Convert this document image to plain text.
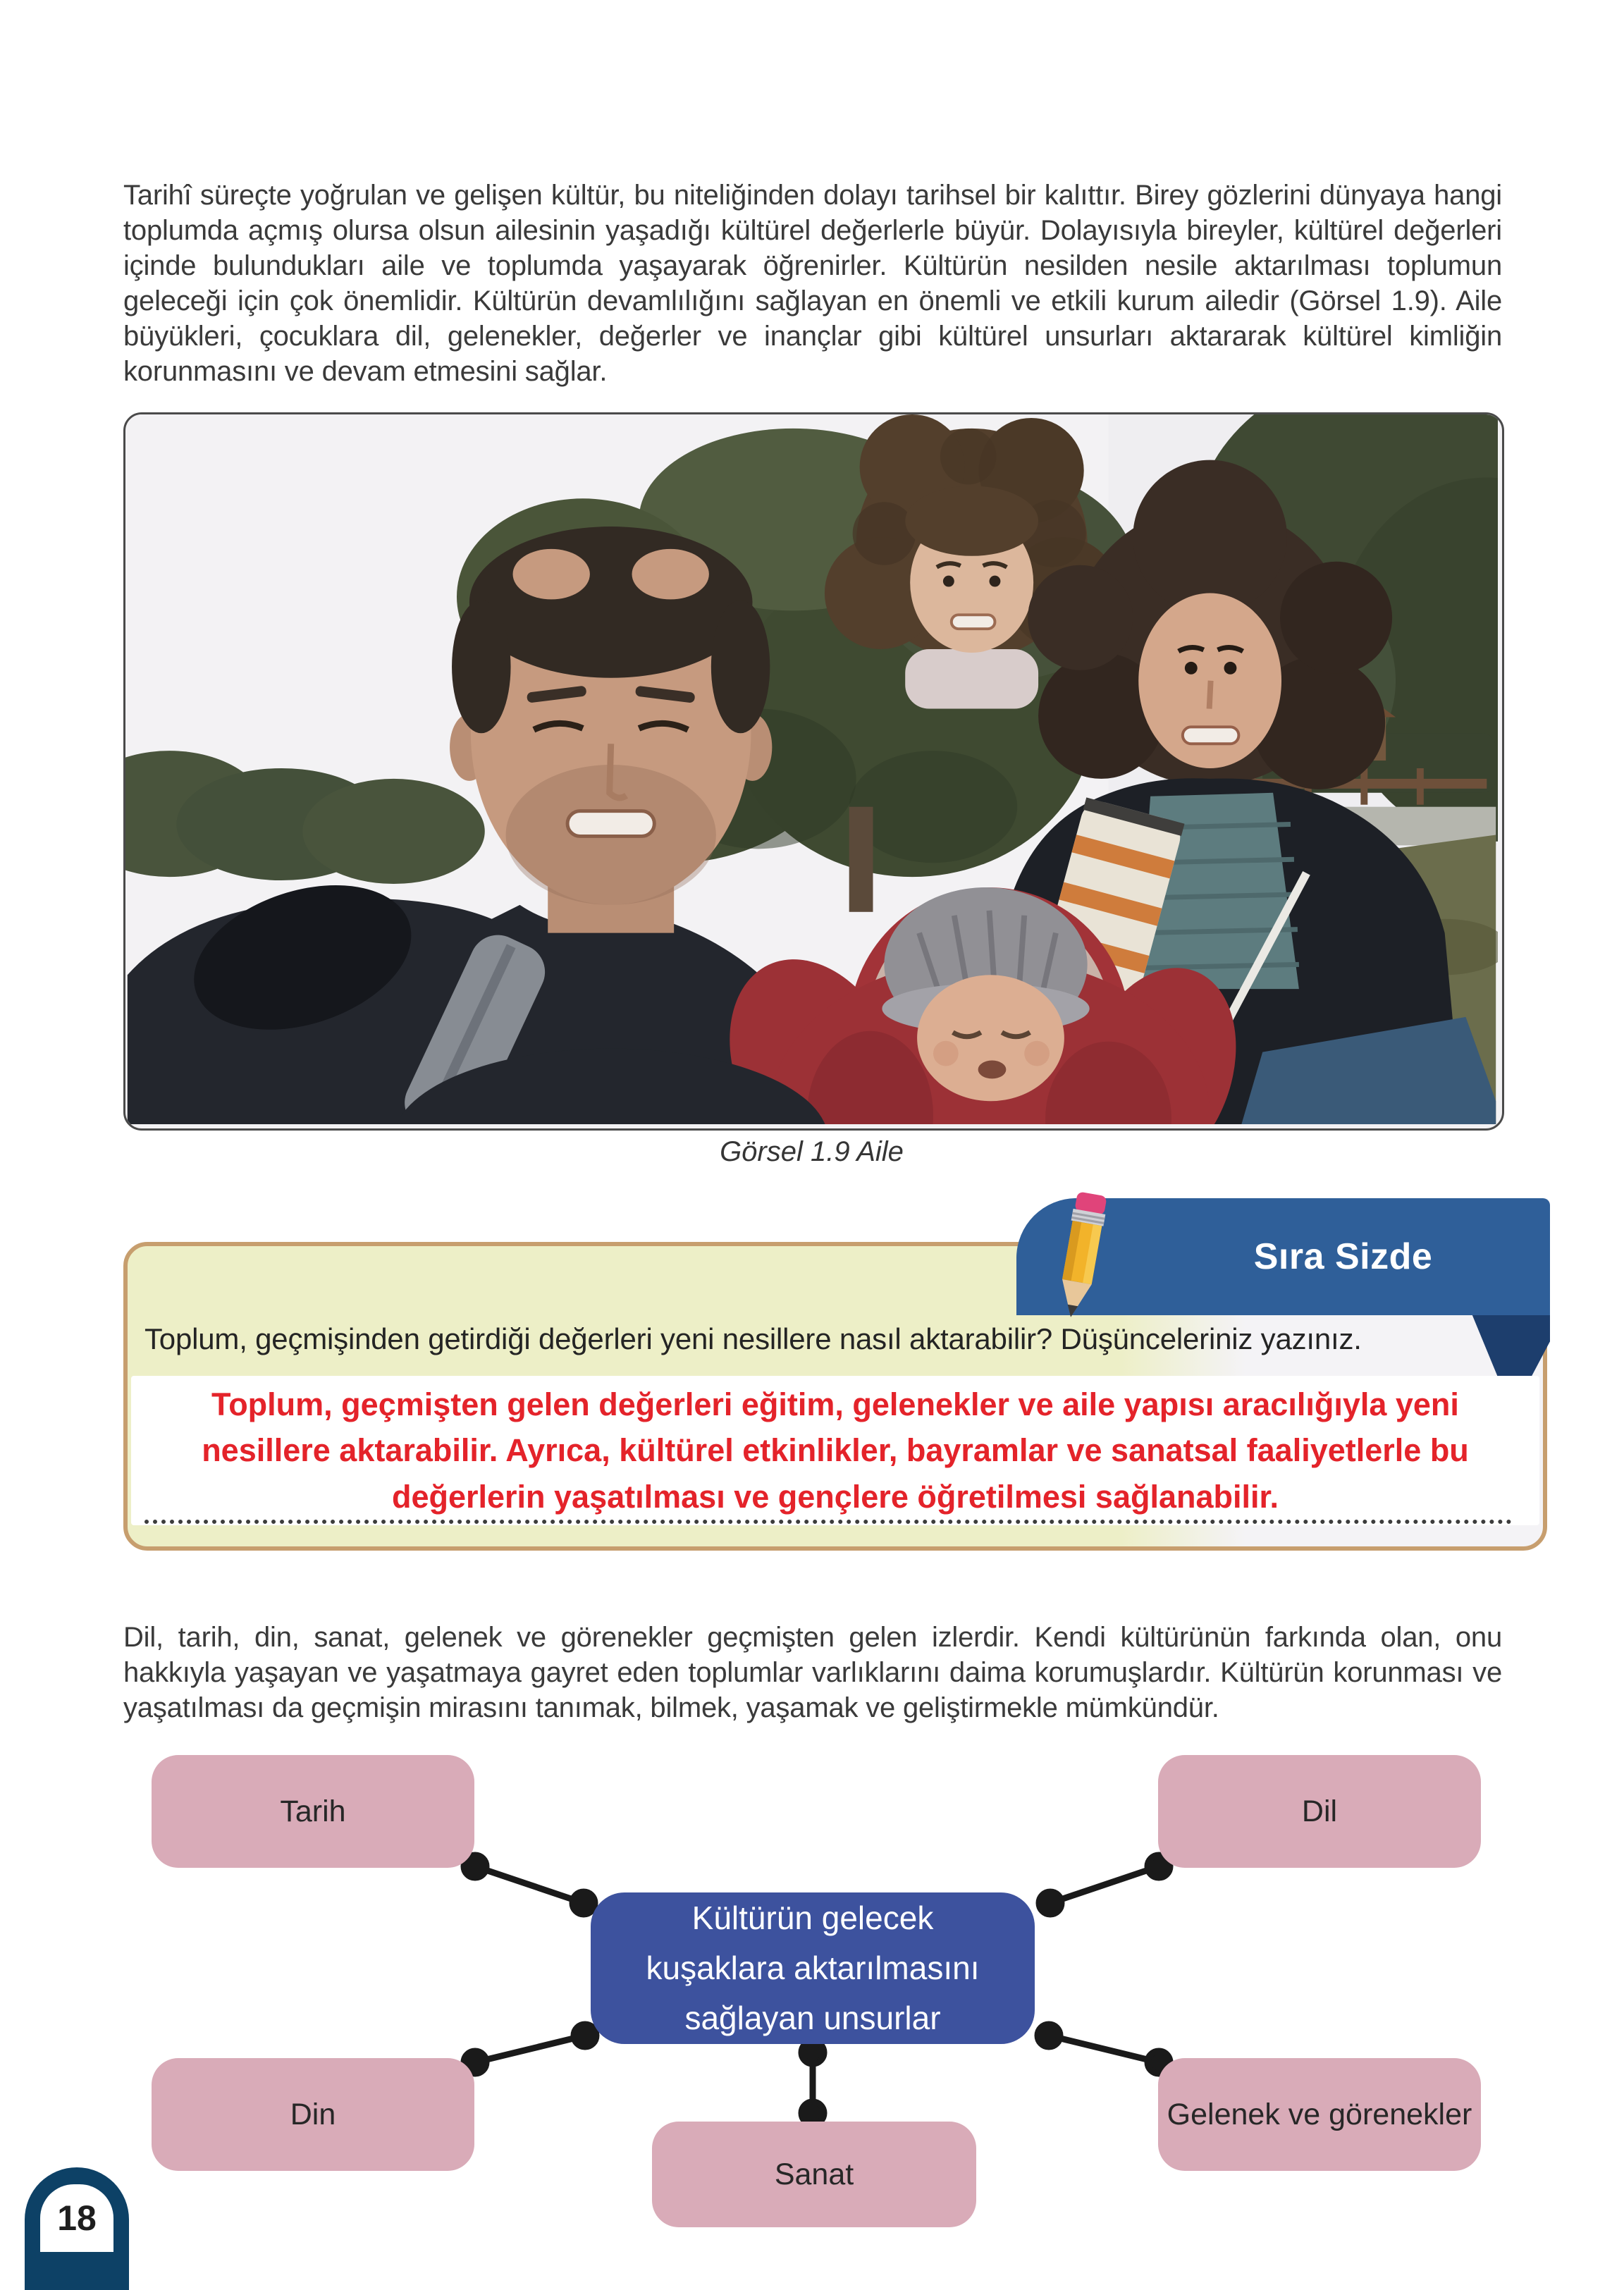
Tarihî süreçte yoğrulan ve gelişen kültür, bu niteliğinden dolayı tarihsel bir kalıttır. Birey gözlerini dünyaya hangi toplumda açmış olursa olsun ailesinin yaşadığı kültürel değerlerle büyür. Dolayısıyla bireyler, kültürel değerleri içinde bulundukları aile ve toplumda yaşayarak öğrenirler. Kültürün nesilden nesile aktarılması toplumun geleceği için çok önemlidir. Kültürün devamlılığını sağlayan en önemli ve etkili kurum ailedir (Görsel 1.9). Aile büyükleri, çocuklara dil, gelenekler, değerler ve inançlar gibi kültürel unsurları aktararak kültürel kimliğin korunmasını ve devam etmesini sağlar.

Görsel 1.9 Aile
Sıra Sizde
Toplum, geçmişinden getirdiği değerleri yeni nesillere nasıl aktarabilir? Düşünceleriniz yazınız.
Toplum, geçmişten gelen değerleri eğitim, gelenekler ve aile yapısı aracılığıyla yeni nesillere aktarabilir. Ayrıca, kültürel etkinlikler, bayramlar ve sanatsal faaliyetlerle bu değerlerin yaşatılması ve gençlere öğretilmesi sağlanabilir.

Dil, tarih, din, sanat, gelenek ve görenekler geçmişten gelen izlerdir. Kendi kültürünün farkında olan, onu hakkıyla yaşayan ve yaşatmaya gayret eden toplumlar varlıklarını daima korumuşlardır. Kültürün korunması ve yaşatılması da geçmişin mirasını tanımak, bilmek, yaşamak ve geliştirmekle mümkündür.

Tarih	Dil
Din	Gelenek ve görenekler
Sanat
Kültürün gelecek kuşaklara aktarılmasını sağlayan unsurlar
18
